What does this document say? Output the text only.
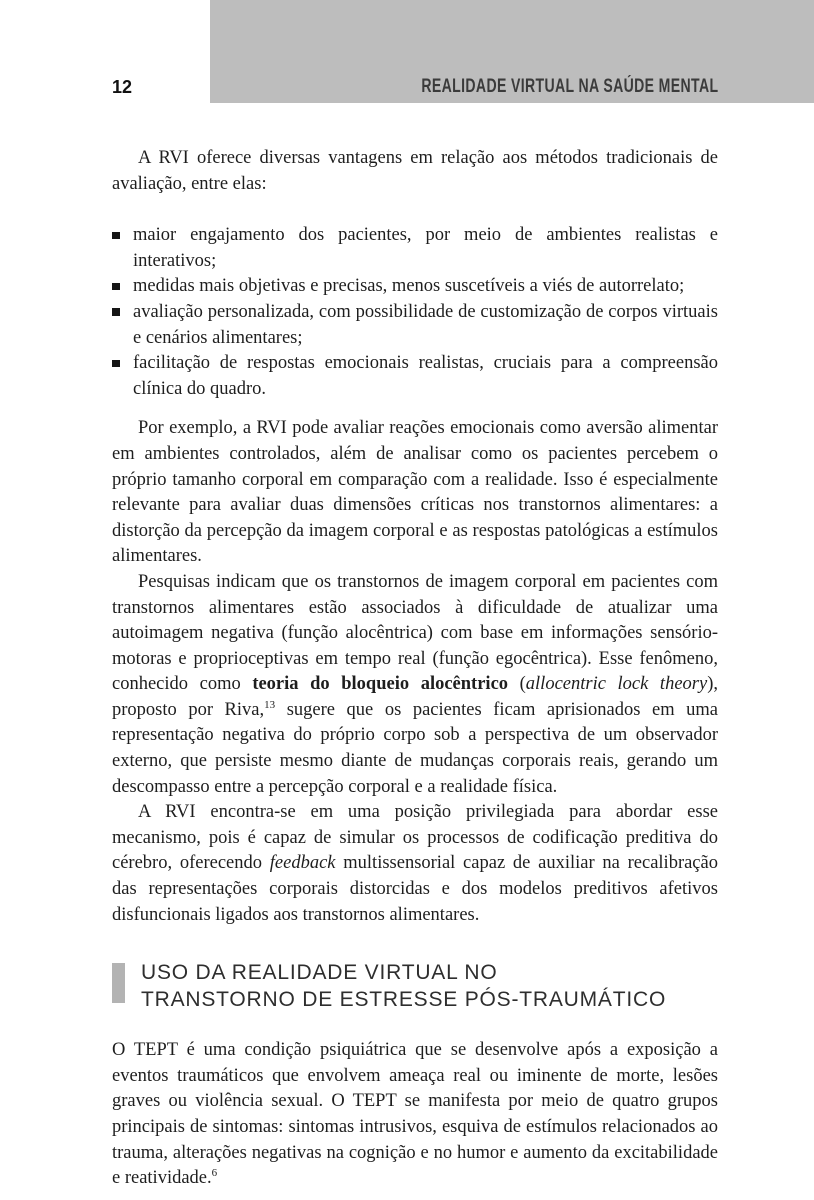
12	REALIDADE VIRTUAL NA SAÚDE MENTAL

A RVI oferece diversas vantagens em relação aos métodos tradicionais de avaliação, entre elas:

maior engajamento dos pacientes, por meio de ambientes realistas e interativos;
medidas mais objetivas e precisas, menos suscetíveis a viés de autorrelato;
avaliação personalizada, com possibilidade de customização de corpos virtuais e cenários alimentares;
facilitação de respostas emocionais realistas, cruciais para a compreensão clínica do quadro.

Por exemplo, a RVI pode avaliar reações emocionais como aversão alimentar em ambientes controlados, além de analisar como os pacientes percebem o próprio tamanho corporal em comparação com a realidade. Isso é especialmente relevante para avaliar duas dimensões críticas nos transtornos alimentares: a distorção da percepção da imagem corporal e as respostas patológicas a estímulos alimentares.

Pesquisas indicam que os transtornos de imagem corporal em pacientes com transtornos alimentares estão associados à dificuldade de atualizar uma autoimagem negativa (função alocêntrica) com base em informações sensório-motoras e proprioceptivas em tempo real (função egocêntrica). Esse fenômeno, conhecido como teoria do bloqueio alocêntrico (allocentric lock theory), proposto por Riva,$^{13}$ sugere que os pacientes ficam aprisionados em uma representação negativa do próprio corpo sob a perspectiva de um observador externo, que persiste mesmo diante de mudanças corporais reais, gerando um descompasso entre a percepção corporal e a realidade física.

A RVI encontra-se em uma posição privilegiada para abordar esse mecanismo, pois é capaz de simular os processos de codificação preditiva do cérebro, oferecendo feedback multissensorial capaz de auxiliar na recalibração das representações corporais distorcidas e dos modelos preditivos afetivos disfuncionais ligados aos transtornos alimentares.

USO DA REALIDADE VIRTUAL NO
TRANSTORNO DE ESTRESSE PÓS-TRAUMÁTICO

O TEPT é uma condição psiquiátrica que se desenvolve após a exposição a eventos traumáticos que envolvem ameaça real ou iminente de morte, lesões graves ou violência sexual. O TEPT se manifesta por meio de quatro grupos principais de sintomas: sintomas intrusivos, esquiva de estímulos relacionados ao trauma, alterações negativas na cognição e no humor e aumento da excitabilidade e reatividade.$^6$
